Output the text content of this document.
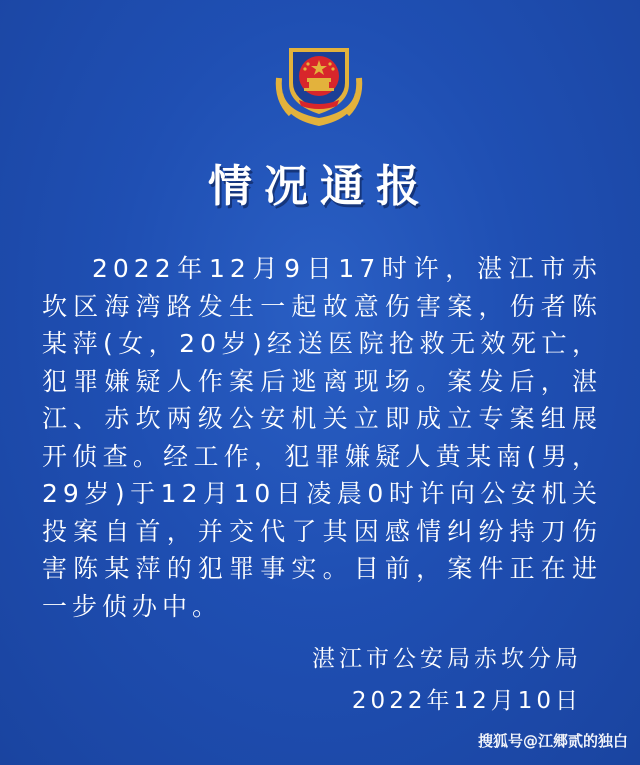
情况通报
2022年12月9日17时许，湛江市赤坎区海湾路发生一起故意伤害案，伤者陈某萍(女，20岁)经送医院抢救无效死亡，犯罪嫌疑人作案后逃离现场。案发后，湛江、赤坎两级公安机关立即成立专案组展开侦查。经工作，犯罪嫌疑人黄某南(男，29岁)于12月10日凌晨0时许向公安机关投案自首，并交代了其因感情纠纷持刀伤害陈某萍的犯罪事实。目前，案件正在进一步侦办中。
湛江市公安局赤坎分局
2022年12月10日
搜狐号@江郷贰的独白
